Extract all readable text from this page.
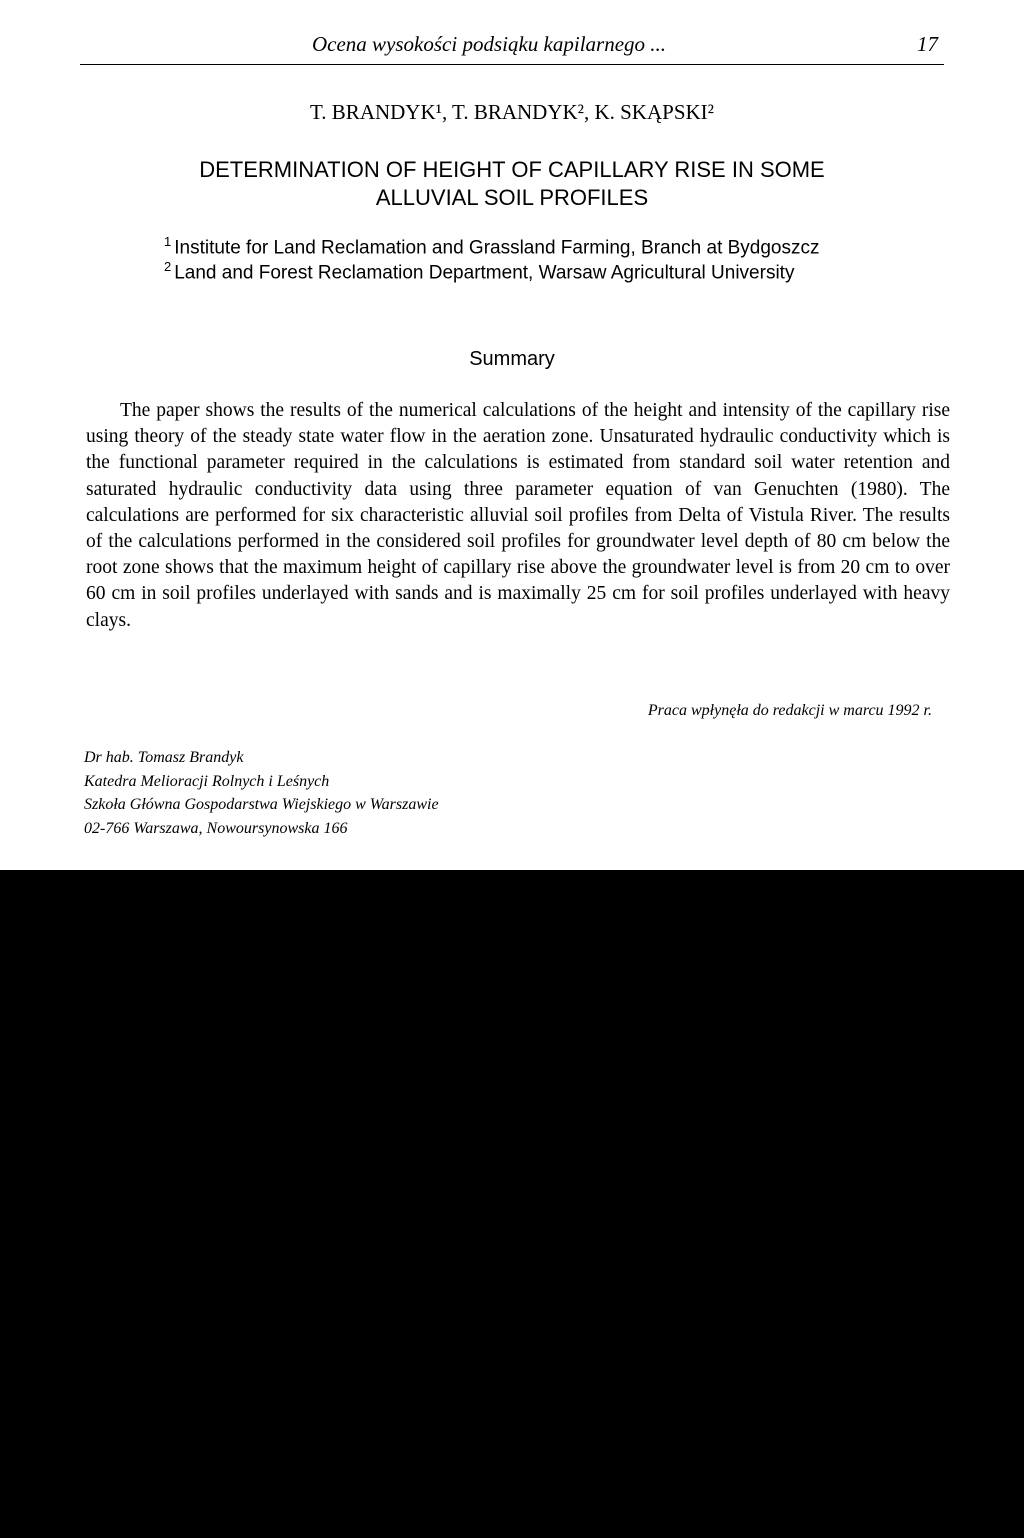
Ocena wysokości podsiąku kapilarnego ...	17
T. BRANDYK¹, T. BRANDYK², K. SKĄPSKI²
DETERMINATION OF HEIGHT OF CAPILLARY RISE IN SOME
ALLUVIAL SOIL PROFILES
$^1$ Institute for Land Reclamation and Grassland Farming, Branch at Bydgoszcz
$^2$ Land and Forest Reclamation Department, Warsaw Agricultural University
Summary

The paper shows the results of the numerical calculations of the height and intensity of the capillary rise using theory of the steady state water flow in the aeration zone. Unsaturated hydraulic conductivity which is the functional parameter required in the calculations is estimated from standard soil water retention and saturated hydraulic conductivity data using three parameter equation of van Genuchten (1980). The calculations are performed for six characteristic alluvial soil profiles from Delta of Vistula River. The results of the calculations performed in the considered soil profiles for groundwater level depth of 80 cm below the root zone shows that the maximum height of capillary rise above the groundwater level is from 20 cm to over 60 cm in soil profiles underlayed with sands and is maximally 25 cm for soil profiles underlayed with heavy clays.

Praca wpłynęła do redakcji w marcu 1992 r.
Dr hab. Tomasz Brandyk
Katedra Melioracji Rolnych i Leśnych
Szkoła Główna Gospodarstwa Wiejskiego w Warszawie
02-766 Warszawa, Nowoursynowska 166
